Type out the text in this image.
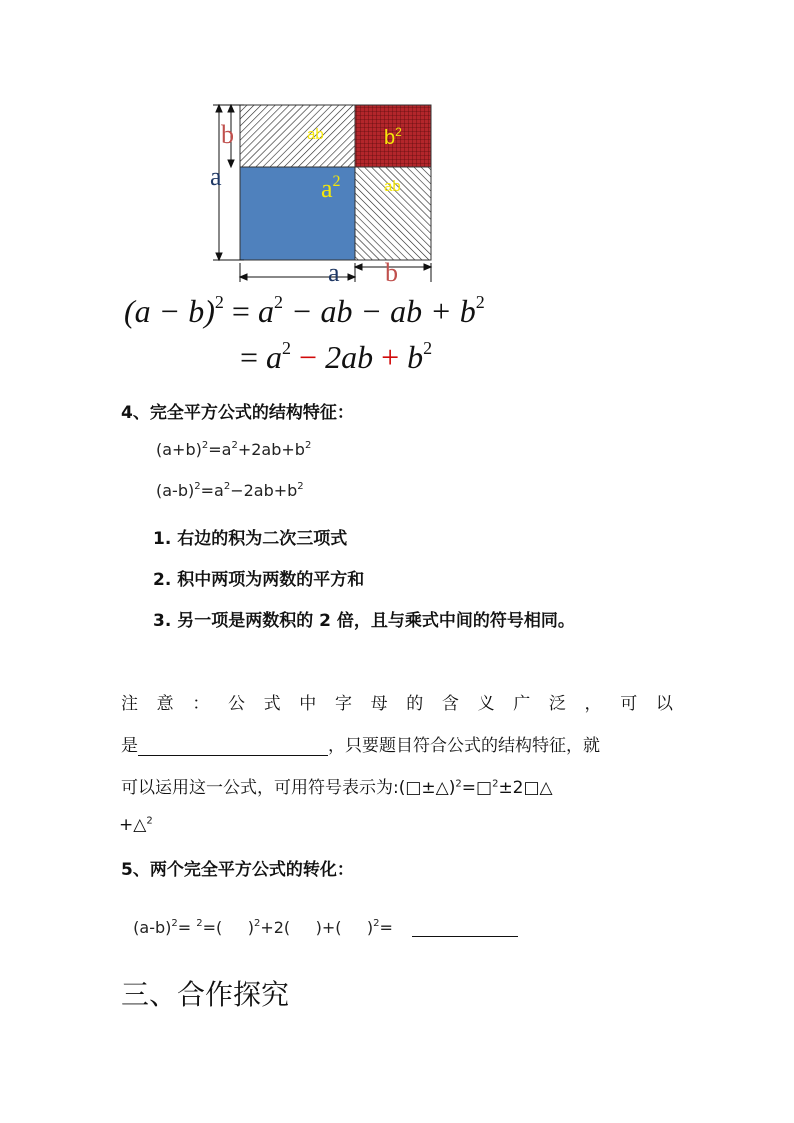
b
a
a b
ab
ab
$a^2$
$b^2$
$(a - b)^2 = a^2$ − ab − ab + $b^2$
= $a^2 - 2ab + b^2$
4、完全平方公式的结构特征：
$(a+b)^2=a^2+2ab+b^2$
$(a-b)^2=a^2-2ab+b^2$
1. 右边的积为二次三项式
2. 积中两项为两数的平方和
3. 另一项是两数积的 2 倍，且与乘式中间的符号相同。
注 意 ： 公 式 中 字 母 的 含 义 广 泛 ， 可 以
是	，只要题目符合公式的结构特征，就
可以运用这一公式，可用符号表示为:(□±△)$^2$=□$^2$±2□△
+△$^2$
5、两个完全平方公式的转化：

$(a-b)^2= ^2=$(     )$^2$+2(     )+(     )$^2$=

三、合作探究
